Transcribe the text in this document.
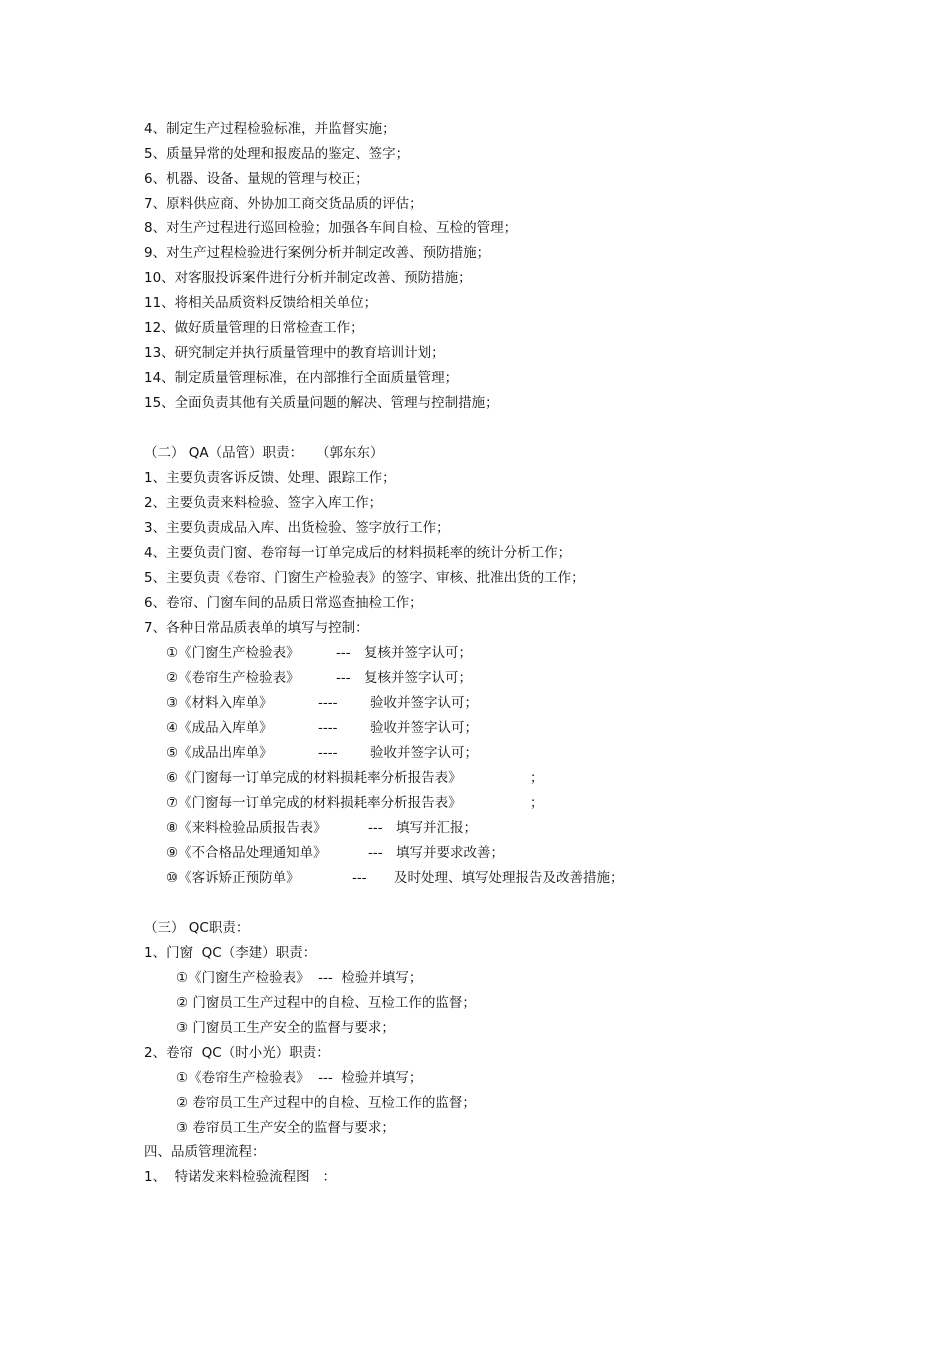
4、制定生产过程检验标准，并监督实施；
5、质量异常的处理和报废品的鉴定、签字；
6、机器、设备、量规的管理与校正；
7、原料供应商、外协加工商交货品质的评估；
8、对生产过程进行巡回检验；加强各车间自检、互检的管理；
9、对生产过程检验进行案例分析并制定改善、预防措施；
10、对客服投诉案件进行分析并制定改善、预防措施；
11、将相关品质资料反馈给相关单位；
12、做好质量管理的日常检查工作；
13、研究制定并执行质量管理中的教育培训计划；
14、制定质量管理标准，在内部推行全面质量管理；
15、全面负责其他有关质量问题的解决、管理与控制措施；
（二） QA（品管）职责：   （郭东东）
1、主要负责客诉反馈、处理、跟踪工作；
2、主要负责来料检验、签字入库工作；
3、主要负责成品入库、出货检验、签字放行工作；
4、主要负责门窗、卷帘每一订单完成后的材料损耗率的统计分析工作；
5、主要负责《卷帘、门窗生产检验表》的签字、审核、批准出货的工作；
6、卷帘、门窗车间的品质日常巡查抽检工作；
7、各种日常品质表单的填写与控制：
①《门窗生产检验表》	--- 复核并签字认可；
②《卷帘生产检验表》	--- 复核并签字认可；
③《材料入库单》	---- 验收并签字认可；
④《成品入库单》	---- 验收并签字认可；
⑤《成品出库单》	---- 验收并签字认可；
⑥《门窗每一订单完成的材料损耗率分析报告表》	；
⑦《门窗每一订单完成的材料损耗率分析报告表》	；
⑧《来料检验品质报告表》	--- 填写并汇报；
⑨《不合格品处理通知单》	--- 填写并要求改善；
⑩《客诉矫正预防单》	--- 及时处理、填写处理报告及改善措施；
（三） QC职责：
1、门窗  QC（李建）职责：
①《门窗生产检验表》  ---  检验并填写；
② 门窗员工生产过程中的自检、互检工作的监督；
③ 门窗员工生产安全的监督与要求；
2、卷帘  QC（时小光）职责：
①《卷帘生产检验表》  ---  检验并填写；
② 卷帘员工生产过程中的自检、互检工作的监督；
③ 卷帘员工生产安全的监督与要求；
四、品质管理流程：
1、  特诺发来料检验流程图   ：
